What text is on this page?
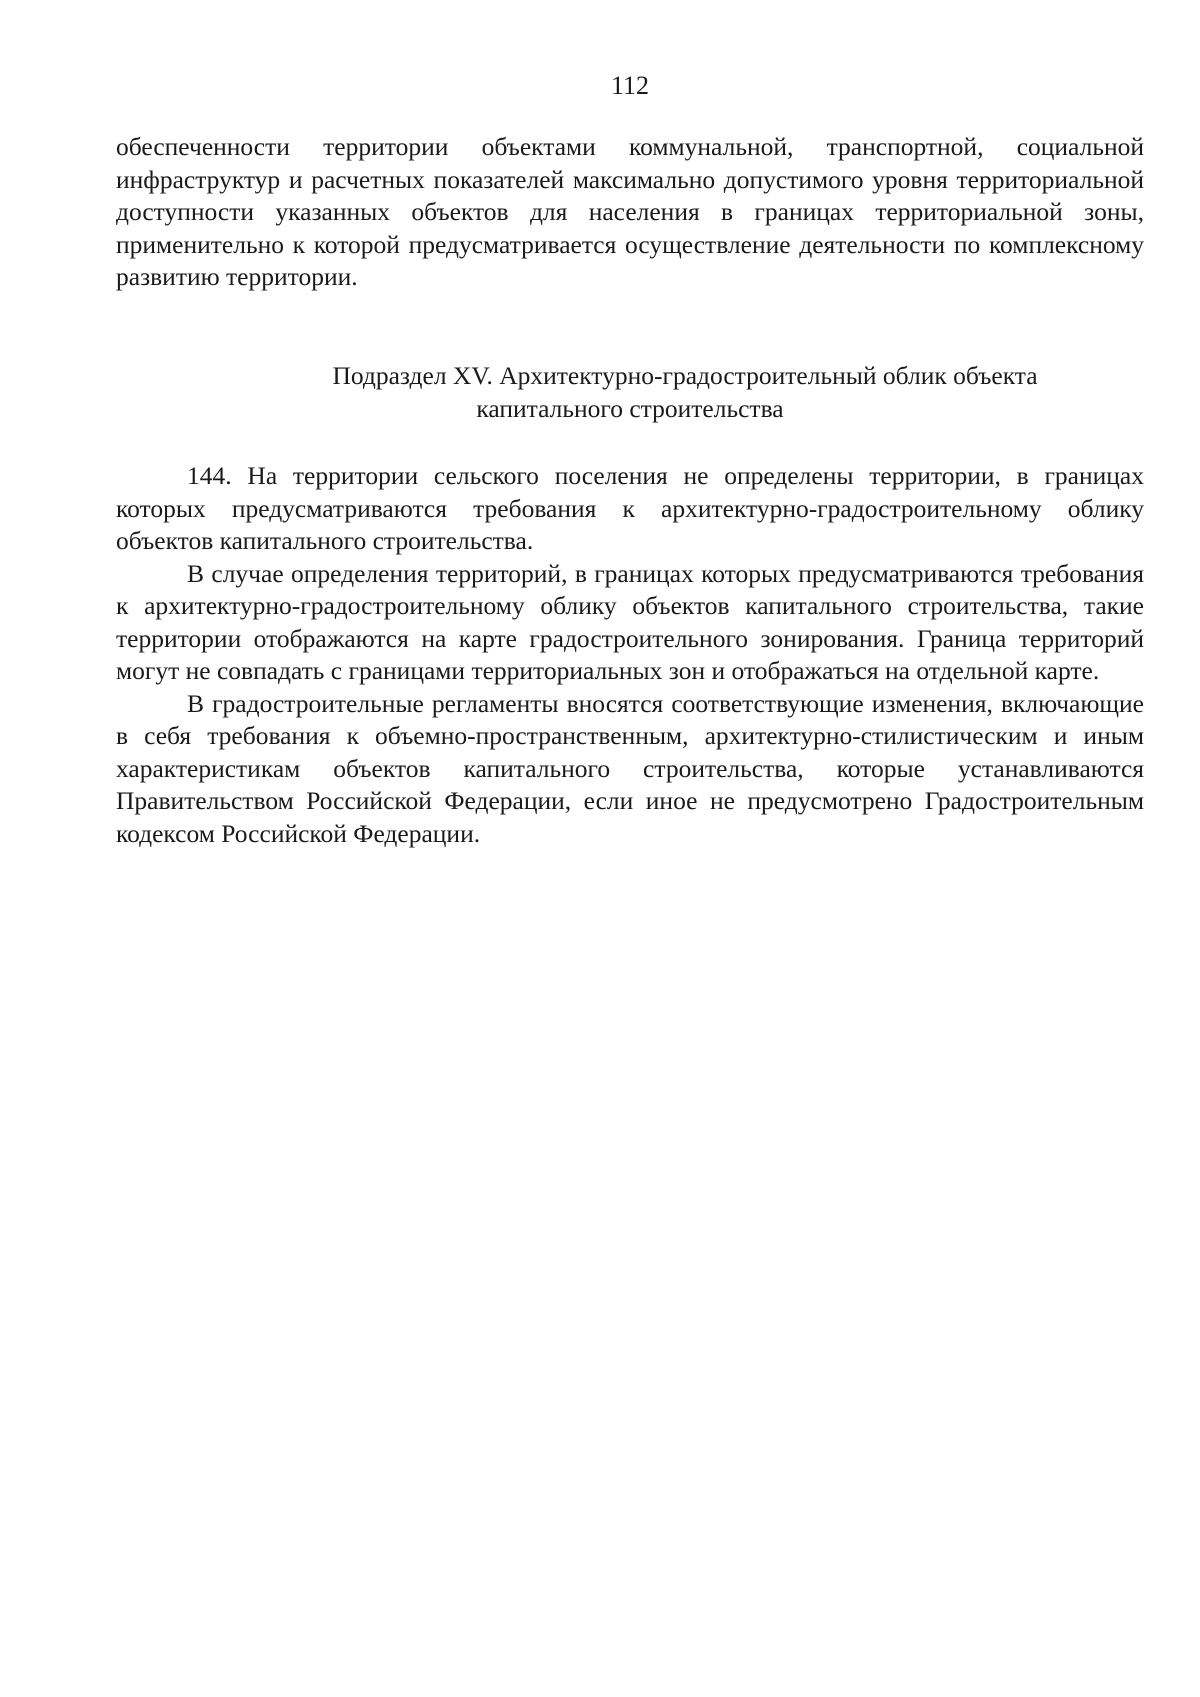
112

обеспеченности территории объектами коммунальной, транспортной, социальной инфраструктур и расчетных показателей максимально допустимого уровня территориальной доступности указанных объектов для населения в границах территориальной зоны, применительно к которой предусматривается осуществление деятельности по комплексному развитию территории.

Подраздел XV. Архитектурно-градостроительный облик объекта
капитального строительства

144. На территории сельского поселения не определены территории, в границах которых предусматриваются требования к архитектурно-градостроительному облику объектов капитального строительства.

В случае определения территорий, в границах которых предусматриваются требования к архитектурно-градостроительному облику объектов капитального строительства, такие территории отображаются на карте градостроительного зонирования. Граница территорий могут не совпадать с границами территориальных зон и отображаться на отдельной карте.

В градостроительные регламенты вносятся соответствующие изменения, включающие в себя требования к объемно-пространственным, архитектурно-стилистическим и иным характеристикам объектов капитального строительства, которые устанавливаются Правительством Российской Федерации, если иное не предусмотрено Градостроительным кодексом Российской Федерации.
